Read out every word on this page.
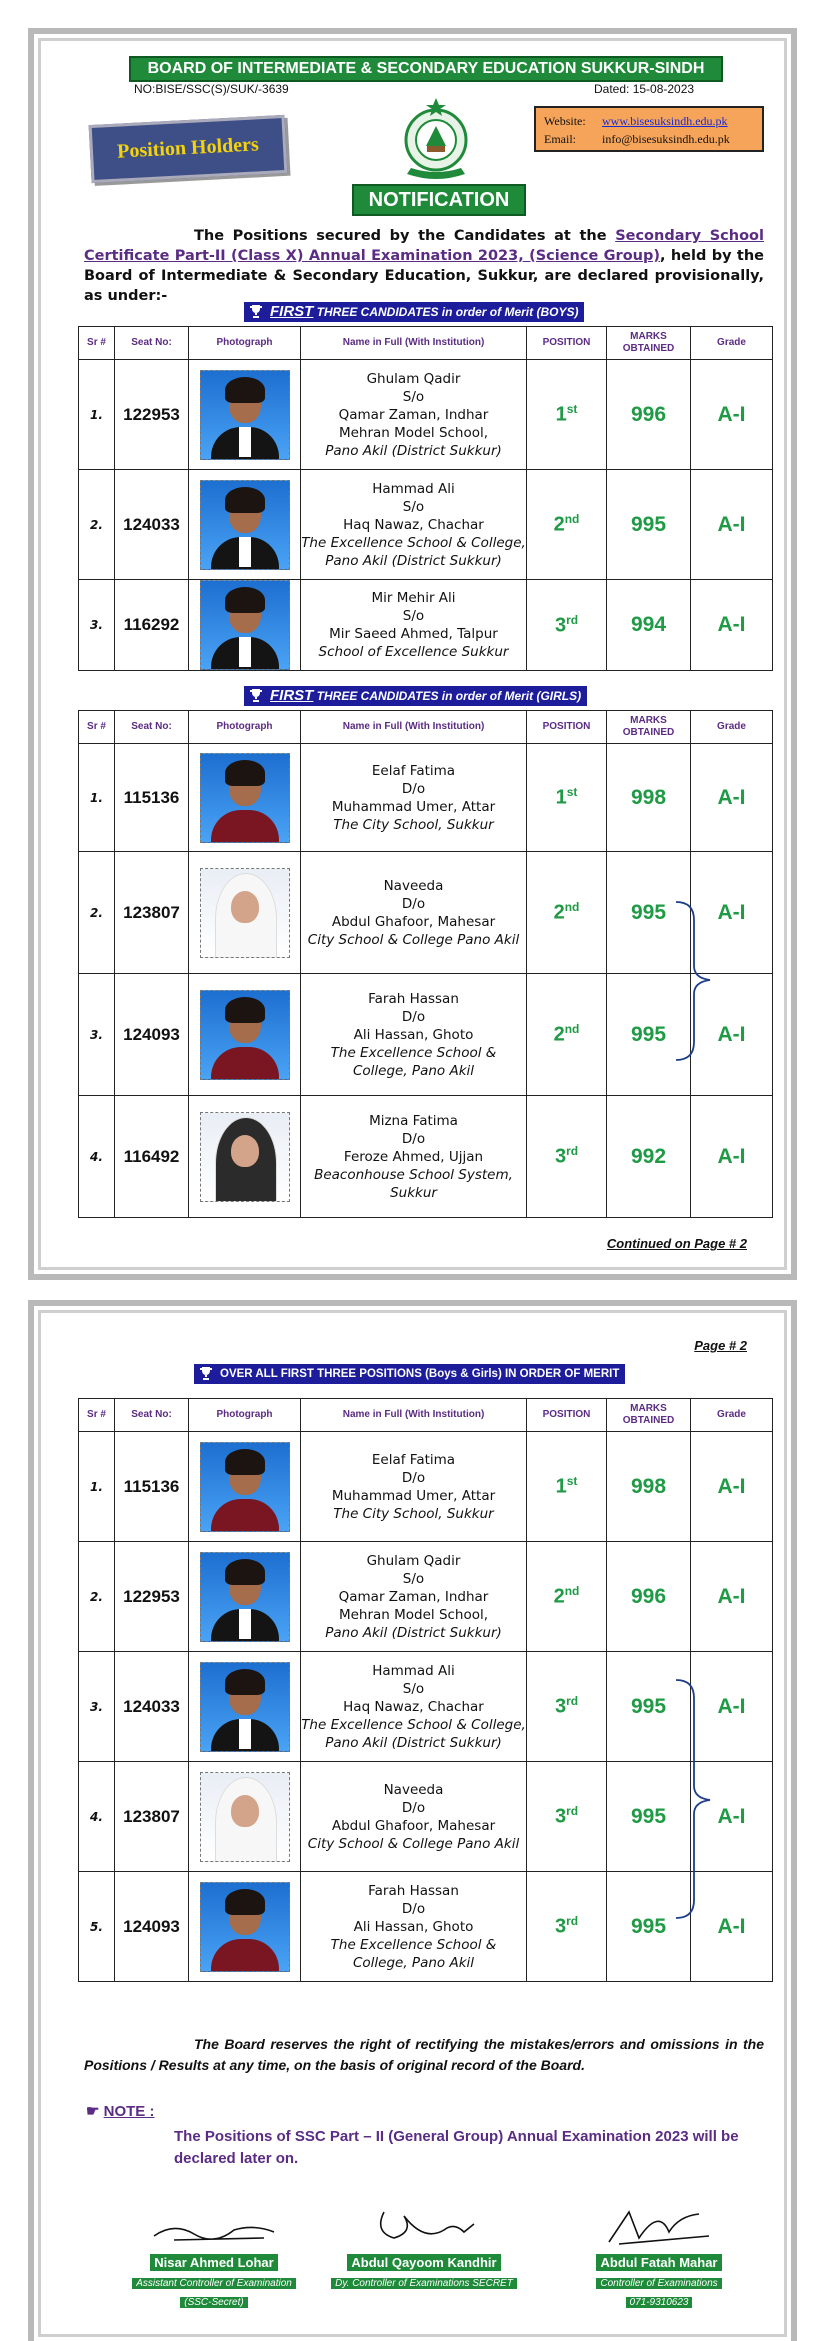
BOARD OF INTERMEDIATE & SECONDARY EDUCATION SUKKUR-SINDH
NO:BISE/SSC(S)/SUK/-3639	Dated: 15-08-2023
Position Holders
Website: www.bisesuksindh.edu.pk
Email: info@bisesuksindh.edu.pk
NOTIFICATION
The Positions secured by the Candidates at the Secondary School Certificate Part-II (Class X) Annual Examination 2023, (Science Group), held by the Board of Intermediate & Secondary Education, Sukkur, are declared provisionally, as under:-
FIRST THREE CANDIDATES in order of Merit (BOYS)
Sr #	Seat No:	Photograph	Name in Full (With Institution)	POSITION	MARKS OBTAINED	Grade
1.	122953		Ghulam Qadir
S/o
Qamar Zaman, Indhar
Mehran Model School,
Pano Akil (District Sukkur)	1st	996	A-I
2.	124033		Hammad Ali
S/o
Haq Nawaz, Chachar
The Excellence School & College,
Pano Akil (District Sukkur)	2nd	995	A-I
3.	116292		Mir Mehir Ali
S/o
Mir Saeed Ahmed, Talpur
School of Excellence Sukkur	3rd	994	A-I
FIRST THREE CANDIDATES in order of Merit (GIRLS)
Sr #	Seat No:	Photograph	Name in Full (With Institution)	POSITION	MARKS OBTAINED	Grade
1.	115136		Eelaf Fatima
D/o
Muhammad Umer, Attar
The City School, Sukkur	1st	998	A-I
2.	123807		Naveeda
D/o
Abdul Ghafoor, Mahesar
City School & College Pano Akil	2nd	995	A-I
3.	124093		Farah Hassan
D/o
Ali Hassan, Ghoto
The Excellence School &
College, Pano Akil	2nd	995	A-I
4.	116492		Mizna Fatima
D/o
Feroze Ahmed, Ujjan
Beaconhouse School System,
Sukkur	3rd	992	A-I
Continued on Page # 2
Page # 2
OVER ALL FIRST THREE POSITIONS (Boys & Girls) IN ORDER OF MERIT
Sr #	Seat No:	Photograph	Name in Full (With Institution)	POSITION	MARKS OBTAINED	Grade
1.	115136		Eelaf Fatima
D/o
Muhammad Umer, Attar
The City School, Sukkur	1st	998	A-I
2.	122953		Ghulam Qadir
S/o
Qamar Zaman, Indhar
Mehran Model School,
Pano Akil (District Sukkur)	2nd	996	A-I
3.	124033		Hammad Ali
S/o
Haq Nawaz, Chachar
The Excellence School & College,
Pano Akil (District Sukkur)	3rd	995	A-I
4.	123807		Naveeda
D/o
Abdul Ghafoor, Mahesar
City School & College Pano Akil	3rd	995	A-I
5.	124093		Farah Hassan
D/o
Ali Hassan, Ghoto
The Excellence School &
College, Pano Akil	3rd	995	A-I
The Board reserves the right of rectifying the mistakes/errors and omissions in the Positions / Results at any time, on the basis of original record of the Board.
☛ NOTE :
The Positions of SSC Part – II (General Group) Annual Examination 2023 will be declared later on.
Nisar Ahmed Lohar
Assistant Controller of Examination
(SSC-Secret)
Abdul Qayoom Kandhir
Dy. Controller of Examinations SECRET
Abdul Fatah Mahar
Controller of Examinations
071-9310623
